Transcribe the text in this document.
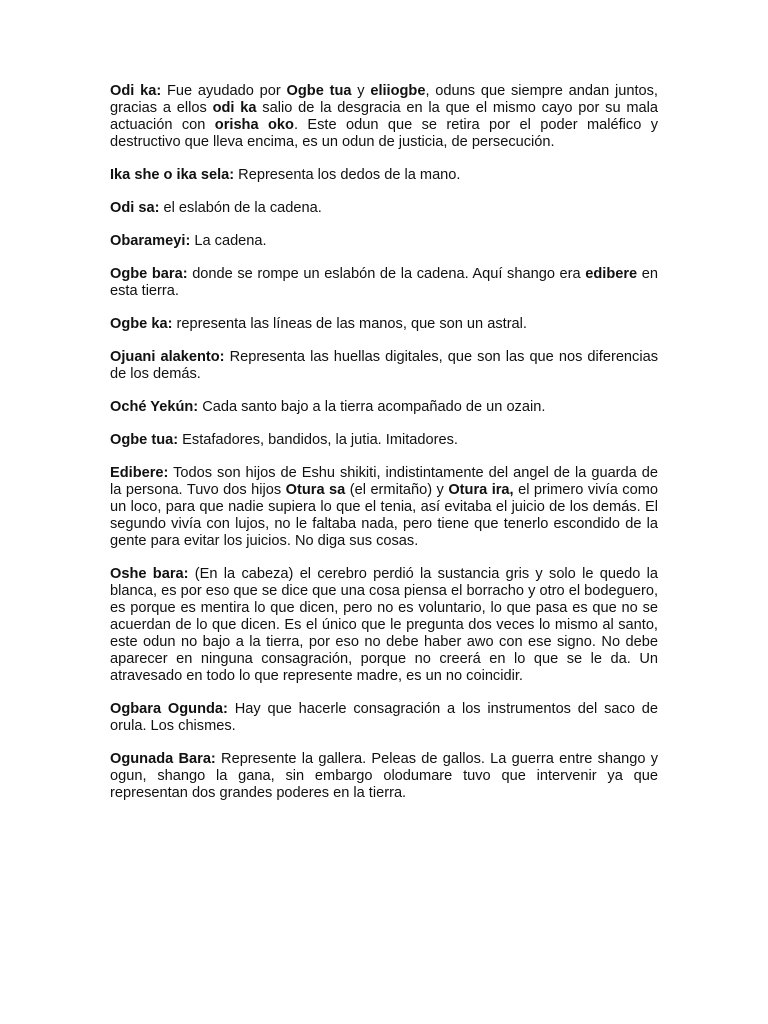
Odi ka: Fue ayudado por Ogbe tua y eliiogbe, oduns que siempre andan juntos, gracias a ellos odi ka salio de la desgracia en la que el mismo cayo por su mala actuación con orisha oko. Este odun que se retira por el poder maléfico y destructivo que lleva encima, es un odun de justicia, de persecución.

Ika she o ika sela: Representa los dedos de la mano.

Odi sa: el eslabón de la cadena.

Obarameyi: La cadena.

Ogbe bara: donde se rompe un eslabón de la cadena. Aquí shango era edibere en esta tierra.

Ogbe ka: representa las líneas de las manos, que son un astral.

Ojuani alakento: Representa las huellas digitales, que son las que nos diferencias de los demás.

Oché Yekún: Cada santo bajo a la tierra acompañado de un ozain.

Ogbe tua: Estafadores, bandidos, la jutia. Imitadores.

Edibere: Todos son hijos de Eshu shikiti, indistintamente del angel de la guarda de la persona. Tuvo dos hijos Otura sa (el ermitaño) y Otura ira, el primero vivía como un loco, para que nadie supiera lo que el tenia, así evitaba el juicio de los demás. El segundo vivía con lujos, no le faltaba nada, pero tiene que tenerlo escondido de la gente para evitar los juicios. No diga sus cosas.

Oshe bara: (En la cabeza) el cerebro perdió la sustancia gris y solo le quedo la blanca, es por eso que se dice que una cosa piensa el borracho y otro el bodeguero, es porque es mentira lo que dicen, pero no es voluntario, lo que pasa es que no se acuerdan de lo que dicen. Es el único que le pregunta dos veces lo mismo al santo, este odun no bajo a la tierra, por eso no debe haber awo con ese signo. No debe aparecer en ninguna consagración, porque no creerá en lo que se le da. Un atravesado en todo lo que represente madre, es un no coincidir.

Ogbara Ogunda: Hay que hacerle consagración a los instrumentos del saco de orula. Los chismes.

Ogunada Bara: Represente la gallera. Peleas de gallos. La guerra entre shango y ogun, shango la gana, sin embargo olodumare tuvo que intervenir ya que representan dos grandes poderes en la tierra.
